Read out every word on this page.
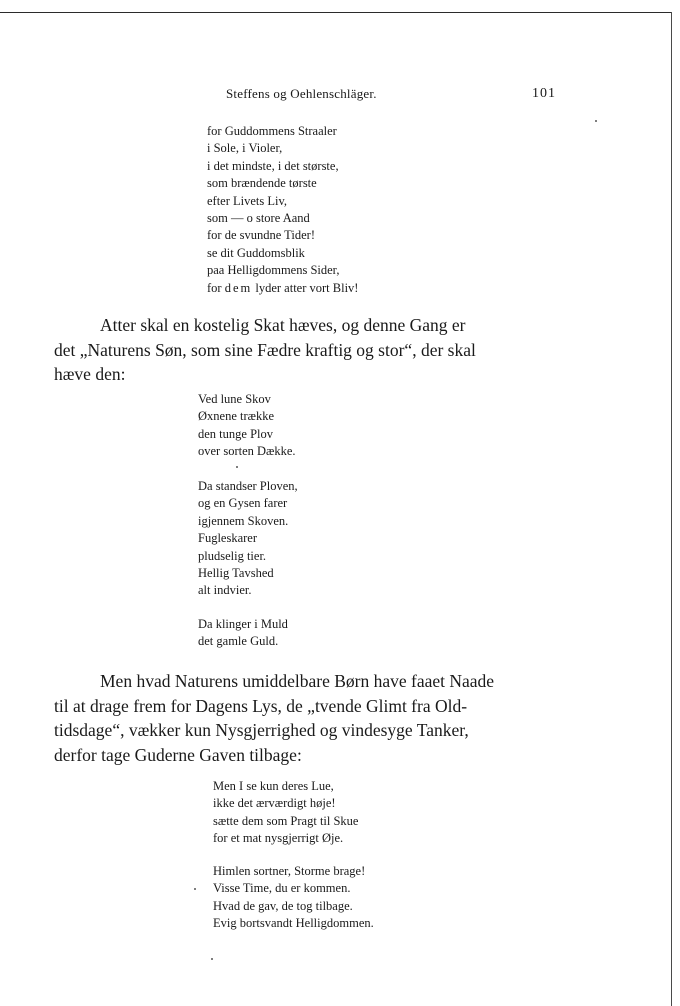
Steffens og Oehlenschläger.	101
for Guddommens Straaler
i Sole, i Violer,
i det mindste, i det største,
som brændende tørste
efter Livets Liv,
som — o store Aand
for de svundne Tider!
se dit Guddomsblik
paa Helligdommens Sider,
for dem lyder atter vort Bliv!
Atter skal en kostelig Skat hæves, og denne Gang er
det „Naturens Søn, som sine Fædre kraftig og stor“, der skal
hæve den:
Ved lune Skov
Øxnene trække
den tunge Plov
over sorten Dække.
Da standser Ploven,
og en Gysen farer
igjennem Skoven.
Fugleskarer
pludselig tier.
Hellig Tavshed
alt indvier.
Da klinger i Muld
det gamle Guld.
Men hvad Naturens umiddelbare Børn have faaet Naade
til at drage frem for Dagens Lys, de „tvende Glimt fra Old-
tidsdage“, vækker kun Nysgjerrighed og vindesyge Tanker,
derfor tage Guderne Gaven tilbage:
Men I se kun deres Lue,
ikke det ærværdigt høje!
sætte dem som Pragt til Skue
for et mat nysgjerrigt Øje.
Himlen sortner, Storme brage!
Visse Time, du er kommen.
Hvad de gav, de tog tilbage.
Evig bortsvandt Helligdommen.
